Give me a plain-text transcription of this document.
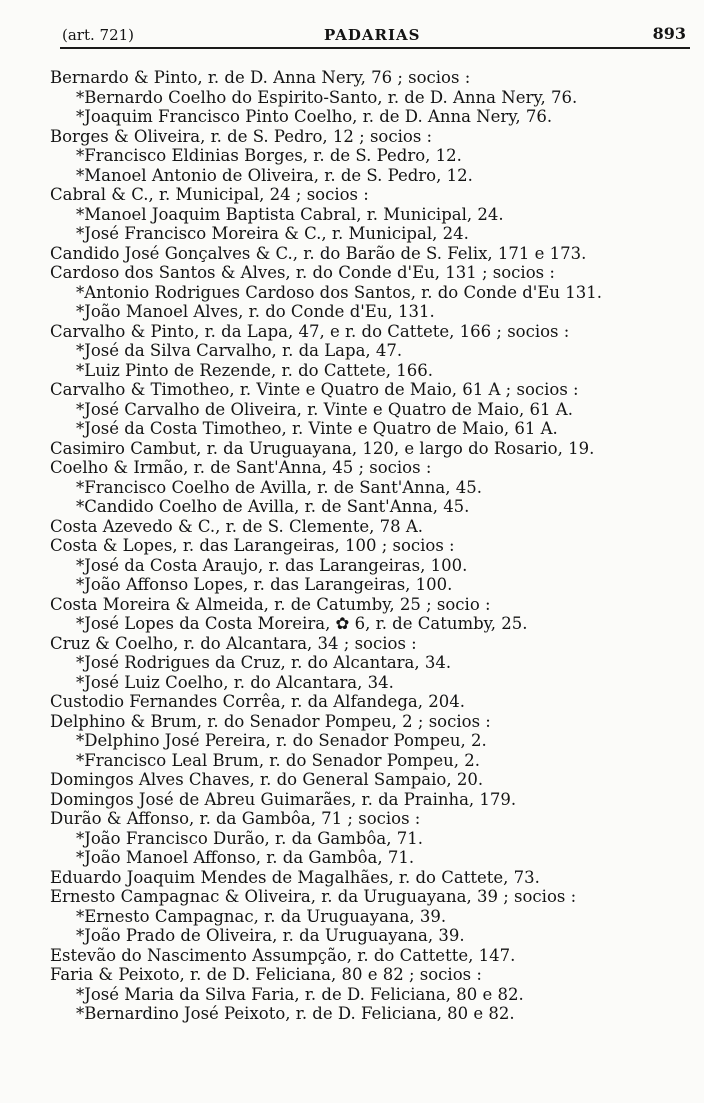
(art. 721)	PADARIAS	893
Bernardo & Pinto, r. de D. Anna Nery, 76 ; socios :
*Bernardo Coelho do Espirito-Santo, r. de D. Anna Nery, 76.
*Joaquim Francisco Pinto Coelho, r. de D. Anna Nery, 76.
Borges & Oliveira, r. de S. Pedro, 12 ; socios :
*Francisco Eldinias Borges, r. de S. Pedro, 12.
*Manoel Antonio de Oliveira, r. de S. Pedro, 12.
Cabral & C., r. Municipal, 24 ; socios :
*Manoel Joaquim Baptista Cabral, r. Municipal, 24.
*José Francisco Moreira & C., r. Municipal, 24.
Candido José Gonçalves & C., r. do Barão de S. Felix, 171 e 173.
Cardoso dos Santos & Alves, r. do Conde d'Eu, 131 ; socios :
*Antonio Rodrigues Cardoso dos Santos, r. do Conde d'Eu 131.
*João Manoel Alves, r. do Conde d'Eu, 131.
Carvalho & Pinto, r. da Lapa, 47, e r. do Cattete, 166 ; socios :
*José da Silva Carvalho, r. da Lapa, 47.
*Luiz Pinto de Rezende, r. do Cattete, 166.
Carvalho & Timotheo, r. Vinte e Quatro de Maio, 61 A ; socios :
*José Carvalho de Oliveira, r. Vinte e Quatro de Maio, 61 A.
*José da Costa Timotheo, r. Vinte e Quatro de Maio, 61 A.
Casimiro Cambut, r. da Uruguayana, 120, e largo do Rosario, 19.
Coelho & Irmão, r. de Sant'Anna, 45 ; socios :
*Francisco Coelho de Avilla, r. de Sant'Anna, 45.
*Candido Coelho de Avilla, r. de Sant'Anna, 45.
Costa Azevedo & C., r. de S. Clemente, 78 A.
Costa & Lopes, r. das Larangeiras, 100 ; socios :
*José da Costa Araujo, r. das Larangeiras, 100.
*João Affonso Lopes, r. das Larangeiras, 100.
Costa Moreira & Almeida, r. de Catumby, 25 ; socio :
*José Lopes da Costa Moreira, ✿ 6, r. de Catumby, 25.
Cruz & Coelho, r. do Alcantara, 34 ; socios :
*José Rodrigues da Cruz, r. do Alcantara, 34.
*José Luiz Coelho, r. do Alcantara, 34.
Custodio Fernandes Corrêa, r. da Alfandega, 204.
Delphino & Brum, r. do Senador Pompeu, 2 ; socios :
*Delphino José Pereira, r. do Senador Pompeu, 2.
*Francisco Leal Brum, r. do Senador Pompeu, 2.
Domingos Alves Chaves, r. do General Sampaio, 20.
Domingos José de Abreu Guimarães, r. da Prainha, 179.
Durão & Affonso, r. da Gambôa, 71 ; socios :
*João Francisco Durão, r. da Gambôa, 71.
*João Manoel Affonso, r. da Gambôa, 71.
Eduardo Joaquim Mendes de Magalhães, r. do Cattete, 73.
Ernesto Campagnac & Oliveira, r. da Uruguayana, 39 ; socios :
*Ernesto Campagnac, r. da Uruguayana, 39.
*João Prado de Oliveira, r. da Uruguayana, 39.
Estevão do Nascimento Assumpção, r. do Cattette, 147.
Faria & Peixoto, r. de D. Feliciana, 80 e 82 ; socios :
*José Maria da Silva Faria, r. de D. Feliciana, 80 e 82.
*Bernardino José Peixoto, r. de D. Feliciana, 80 e 82.
